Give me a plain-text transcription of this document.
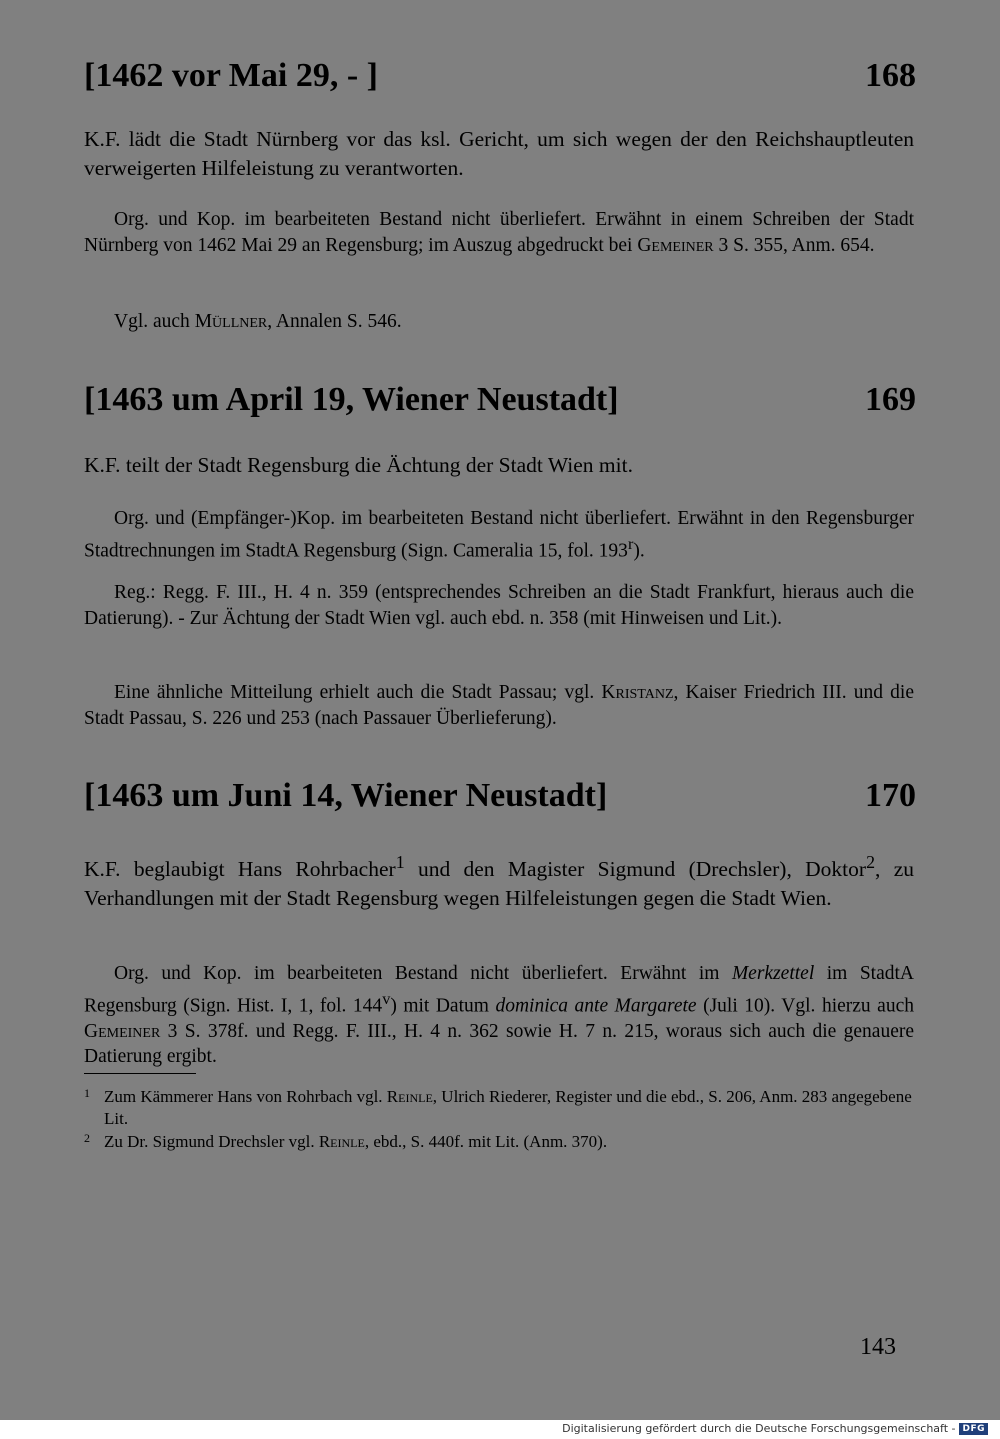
[1462 vor Mai 29, - ]	168

K.F. lädt die Stadt Nürnberg vor das ksl. Gericht, um sich wegen der den Reichshauptleuten verweigerten Hilfeleistung zu verantworten.

Org. und Kop. im bearbeiteten Bestand nicht überliefert. Erwähnt in einem Schreiben der Stadt Nürnberg von 1462 Mai 29 an Regensburg; im Auszug abgedruckt bei Gemeiner 3 S. 355, Anm. 654.

Vgl. auch Müllner, Annalen S. 546.

[1463 um April 19, Wiener Neustadt]	169

K.F. teilt der Stadt Regensburg die Ächtung der Stadt Wien mit.

Org. und (Empfänger-)Kop. im bearbeiteten Bestand nicht überliefert. Erwähnt in den Regensburger Stadtrechnungen im StadtA Regensburg (Sign. Cameralia 15, fol. 193$^r$).

Reg.: Regg. F. III., H. 4 n. 359 (entsprechendes Schreiben an die Stadt Frankfurt, hieraus auch die Datierung). - Zur Ächtung der Stadt Wien vgl. auch ebd. n. 358 (mit Hinweisen und Lit.).

Eine ähnliche Mitteilung erhielt auch die Stadt Passau; vgl. Kristanz, Kaiser Friedrich III. und die Stadt Passau, S. 226 und 253 (nach Passauer Überlieferung).

[1463 um Juni 14, Wiener Neustadt]	170

K.F. beglaubigt Hans Rohrbacher$^1$ und den Magister Sigmund (Drechsler), Doktor$^2$, zu Verhandlungen mit der Stadt Regensburg wegen Hilfeleistungen gegen die Stadt Wien.

Org. und Kop. im bearbeiteten Bestand nicht überliefert. Erwähnt im Merkzettel im StadtA Regensburg (Sign. Hist. I, 1, fol. 144$^v$) mit Datum dominica ante Margarete (Juli 10). Vgl. hierzu auch Gemeiner 3 S. 378f. und Regg. F. III., H. 4 n. 362 sowie H. 7 n. 215, woraus sich auch die genauere Datierung ergibt.

1 Zum Kämmerer Hans von Rohrbach vgl. Reinle, Ulrich Riederer, Register und die ebd., S. 206, Anm. 283 angegebene Lit.

2 Zu Dr. Sigmund Drechsler vgl. Reinle, ebd., S. 440f. mit Lit. (Anm. 370).

143
Digitalisierung gefördert durch die Deutsche Forschungsgemeinschaft - DFG
